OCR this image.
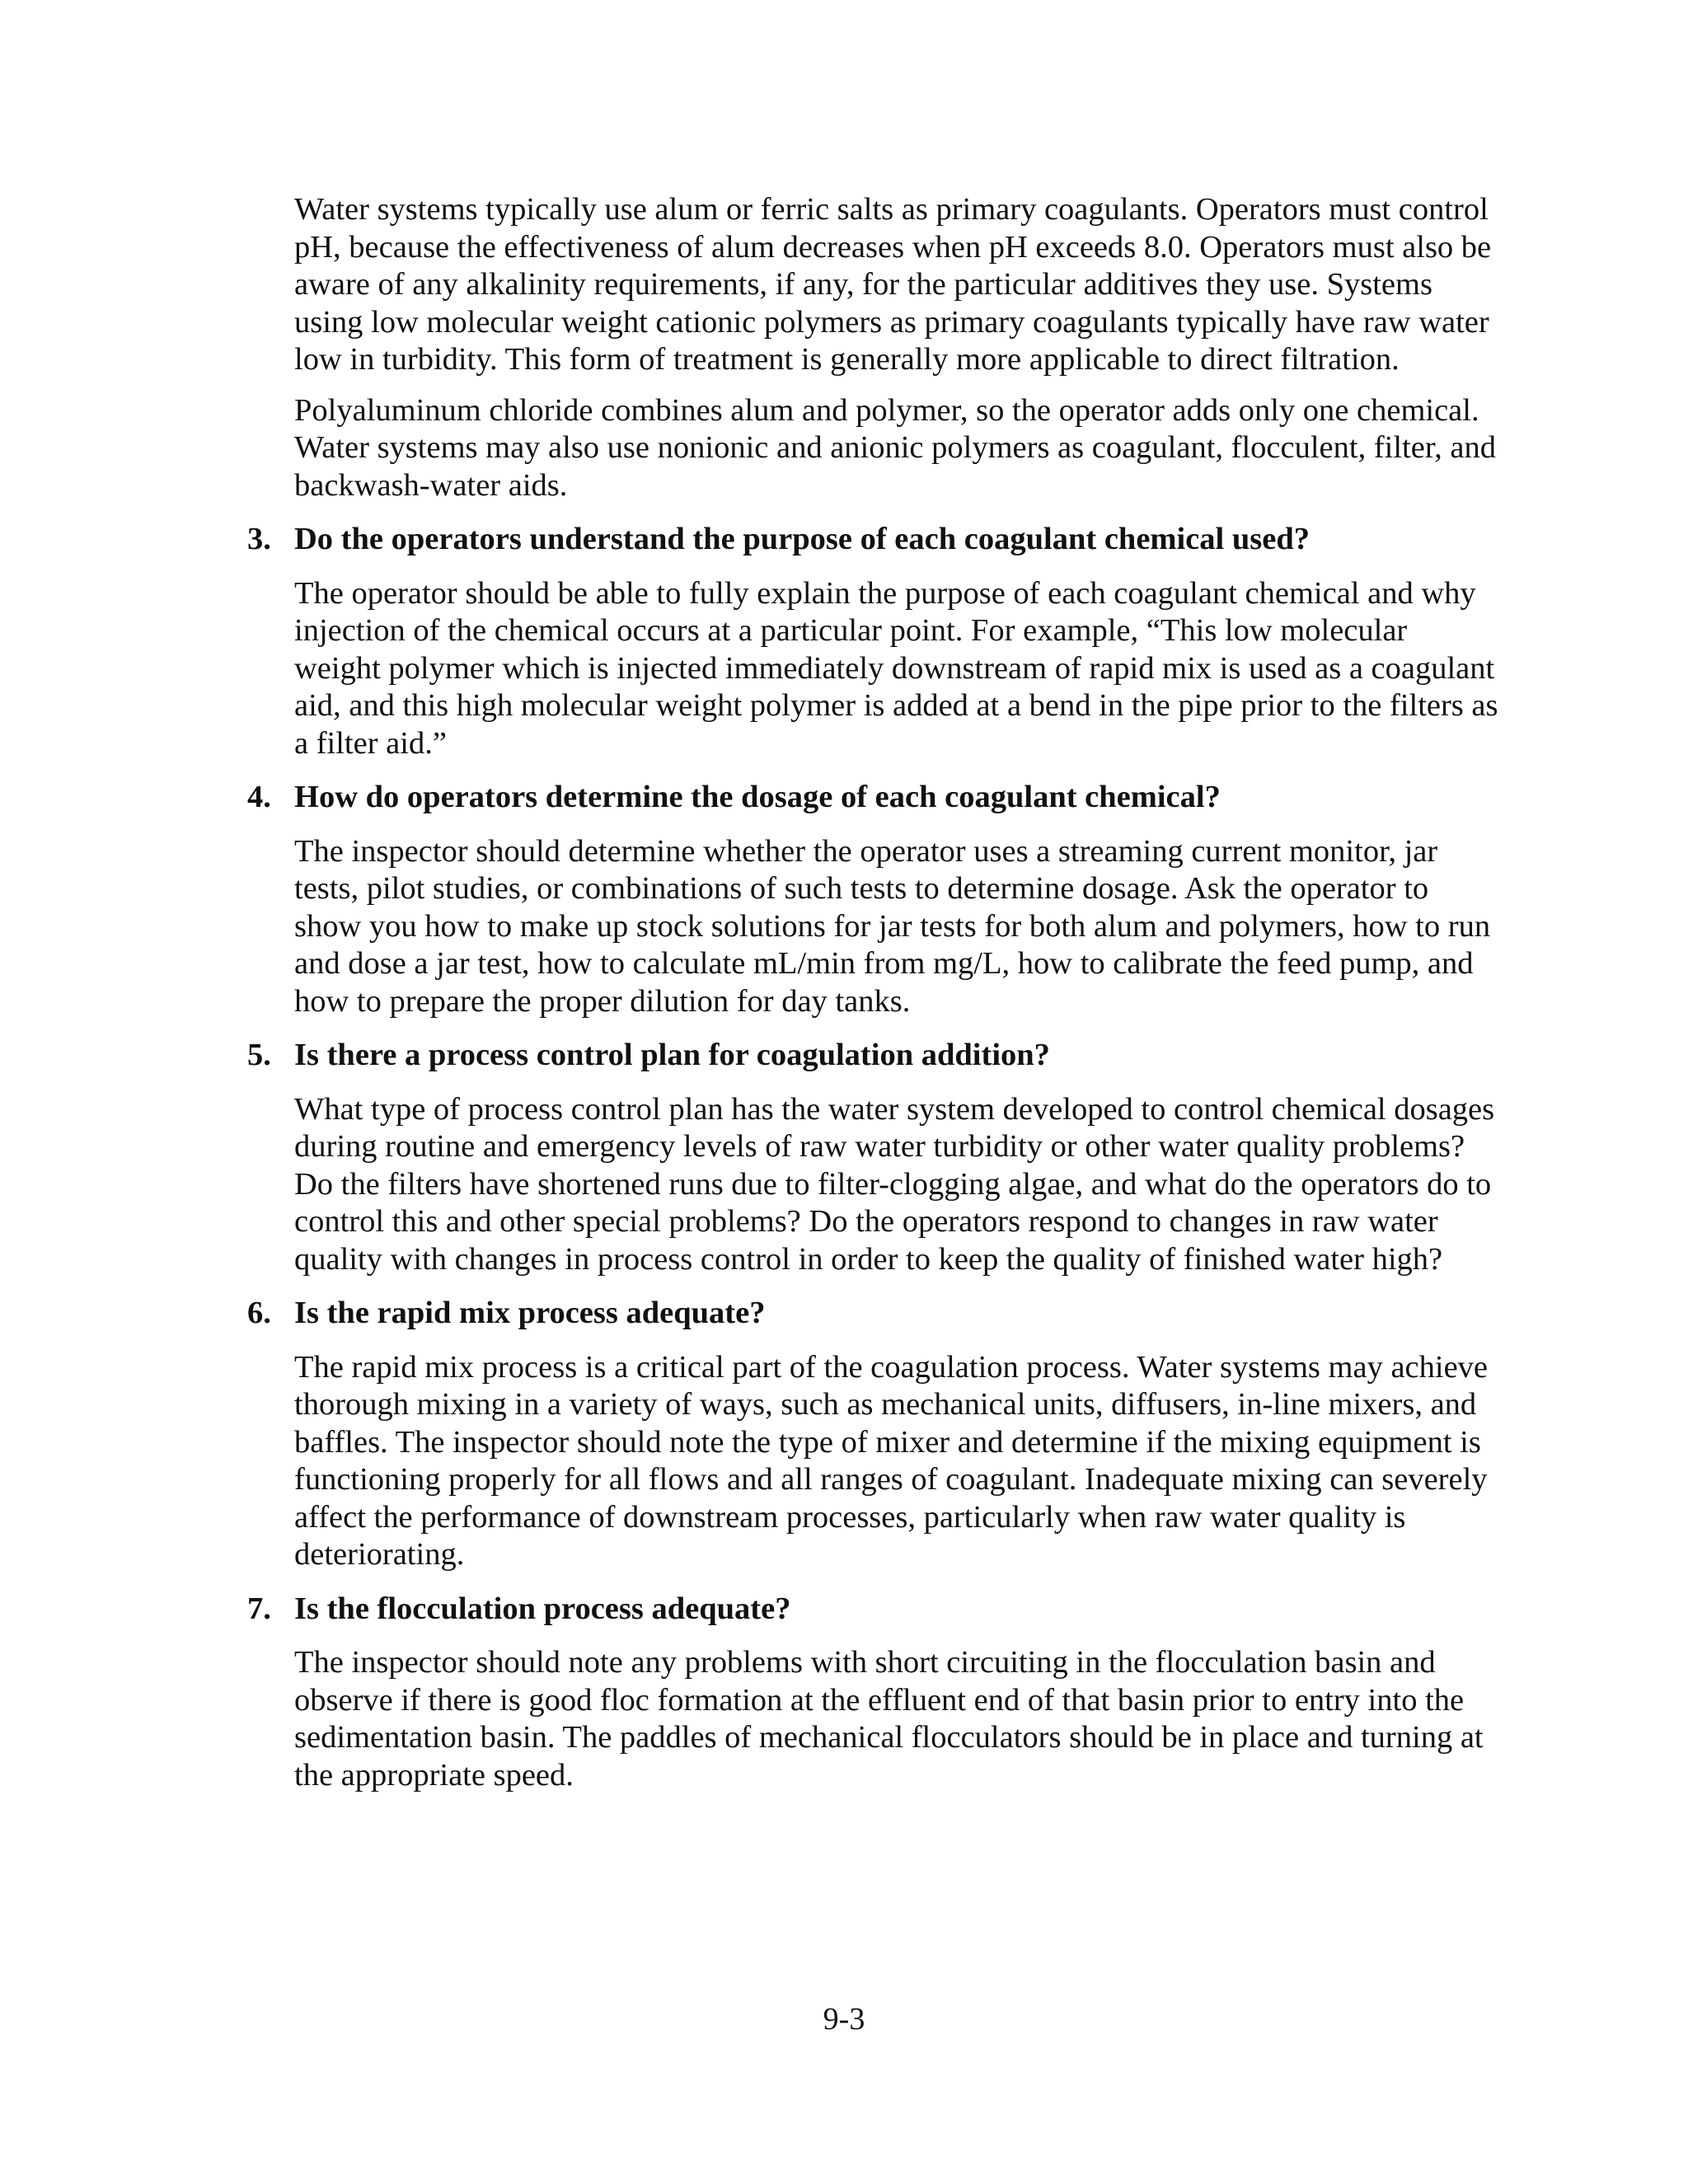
Water systems typically use alum or ferric salts as primary coagulants. Operators must control pH, because the effectiveness of alum decreases when pH exceeds 8.0. Operators must also be aware of any alkalinity requirements, if any, for the particular additives they use. Systems using low molecular weight cationic polymers as primary coagulants typically have raw water low in turbidity. This form of treatment is generally more applicable to direct filtration.

Polyaluminum chloride combines alum and polymer, so the operator adds only one chemical. Water systems may also use nonionic and anionic polymers as coagulant, flocculent, filter, and backwash-water aids.

3. Do the operators understand the purpose of each coagulant chemical used?

The operator should be able to fully explain the purpose of each coagulant chemical and why injection of the chemical occurs at a particular point. For example, “This low molecular weight polymer which is injected immediately downstream of rapid mix is used as a coagulant aid, and this high molecular weight polymer is added at a bend in the pipe prior to the filters as a filter aid.”

4. How do operators determine the dosage of each coagulant chemical?

The inspector should determine whether the operator uses a streaming current monitor, jar tests, pilot studies, or combinations of such tests to determine dosage. Ask the operator to show you how to make up stock solutions for jar tests for both alum and polymers, how to run and dose a jar test, how to calculate mL/min from mg/L, how to calibrate the feed pump, and how to prepare the proper dilution for day tanks.

5. Is there a process control plan for coagulation addition?

What type of process control plan has the water system developed to control chemical dosages during routine and emergency levels of raw water turbidity or other water quality problems? Do the filters have shortened runs due to filter-clogging algae, and what do the operators do to control this and other special problems? Do the operators respond to changes in raw water quality with changes in process control in order to keep the quality of finished water high?

6. Is the rapid mix process adequate?

The rapid mix process is a critical part of the coagulation process. Water systems may achieve thorough mixing in a variety of ways, such as mechanical units, diffusers, in-line mixers, and baffles. The inspector should note the type of mixer and determine if the mixing equipment is functioning properly for all flows and all ranges of coagulant. Inadequate mixing can severely affect the performance of downstream processes, particularly when raw water quality is deteriorating.

7. Is the flocculation process adequate?

The inspector should note any problems with short circuiting in the flocculation basin and observe if there is good floc formation at the effluent end of that basin prior to entry into the sedimentation basin. The paddles of mechanical flocculators should be in place and turning at the appropriate speed.

9-3
